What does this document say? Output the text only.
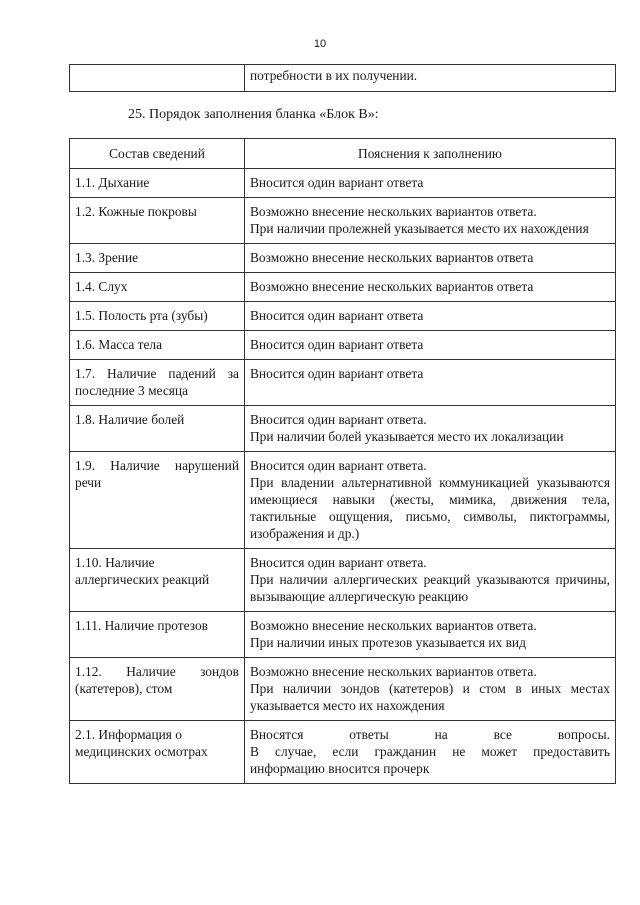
10
	потребности в их получении.
25. Порядок заполнения бланка «Блок В»:
Состав сведений	Пояснения к заполнению
1.1. Дыхание	Вносится один вариант ответа

1.2. Кожные покровы	Возможно внесение нескольких вариантов ответа.
При наличии пролежней указывается место их нахождения

1.3. Зрение	Возможно внесение нескольких вариантов ответа

1.4. Слух	Возможно внесение нескольких вариантов ответа

1.5. Полость рта (зубы)	Вносится один вариант ответа

1.6. Масса тела	Вносится один вариант ответа

1.7. Наличие падений за последние 3 месяца	Вносится один вариант ответа

1.8. Наличие болей	Вносится один вариант ответа.
При наличии болей указывается место их локализации

1.9. Наличие нарушений речи	Вносится один вариант ответа.
При владении альтернативной коммуникацией указываются имеющиеся навыки (жесты, мимика, движения тела, тактильные ощущения, письмо, символы, пиктограммы, изображения и др.)

1.10. Наличие аллергических реакций	Вносится один вариант ответа.
При наличии аллергических реакций указываются причины, вызывающие аллергическую реакцию

1.11. Наличие протезов	Возможно внесение нескольких вариантов ответа.
При наличии иных протезов указывается их вид

1.12. Наличие зондов (катетеров), стом	Возможно внесение нескольких вариантов ответа.
При наличии зондов (катетеров) и стом в иных местах указывается место их нахождения

2.1. Информация о медицинских осмотрах	Вносятся ответы на все вопросы.
В случае, если гражданин не может предоставить информацию вносится прочерк
